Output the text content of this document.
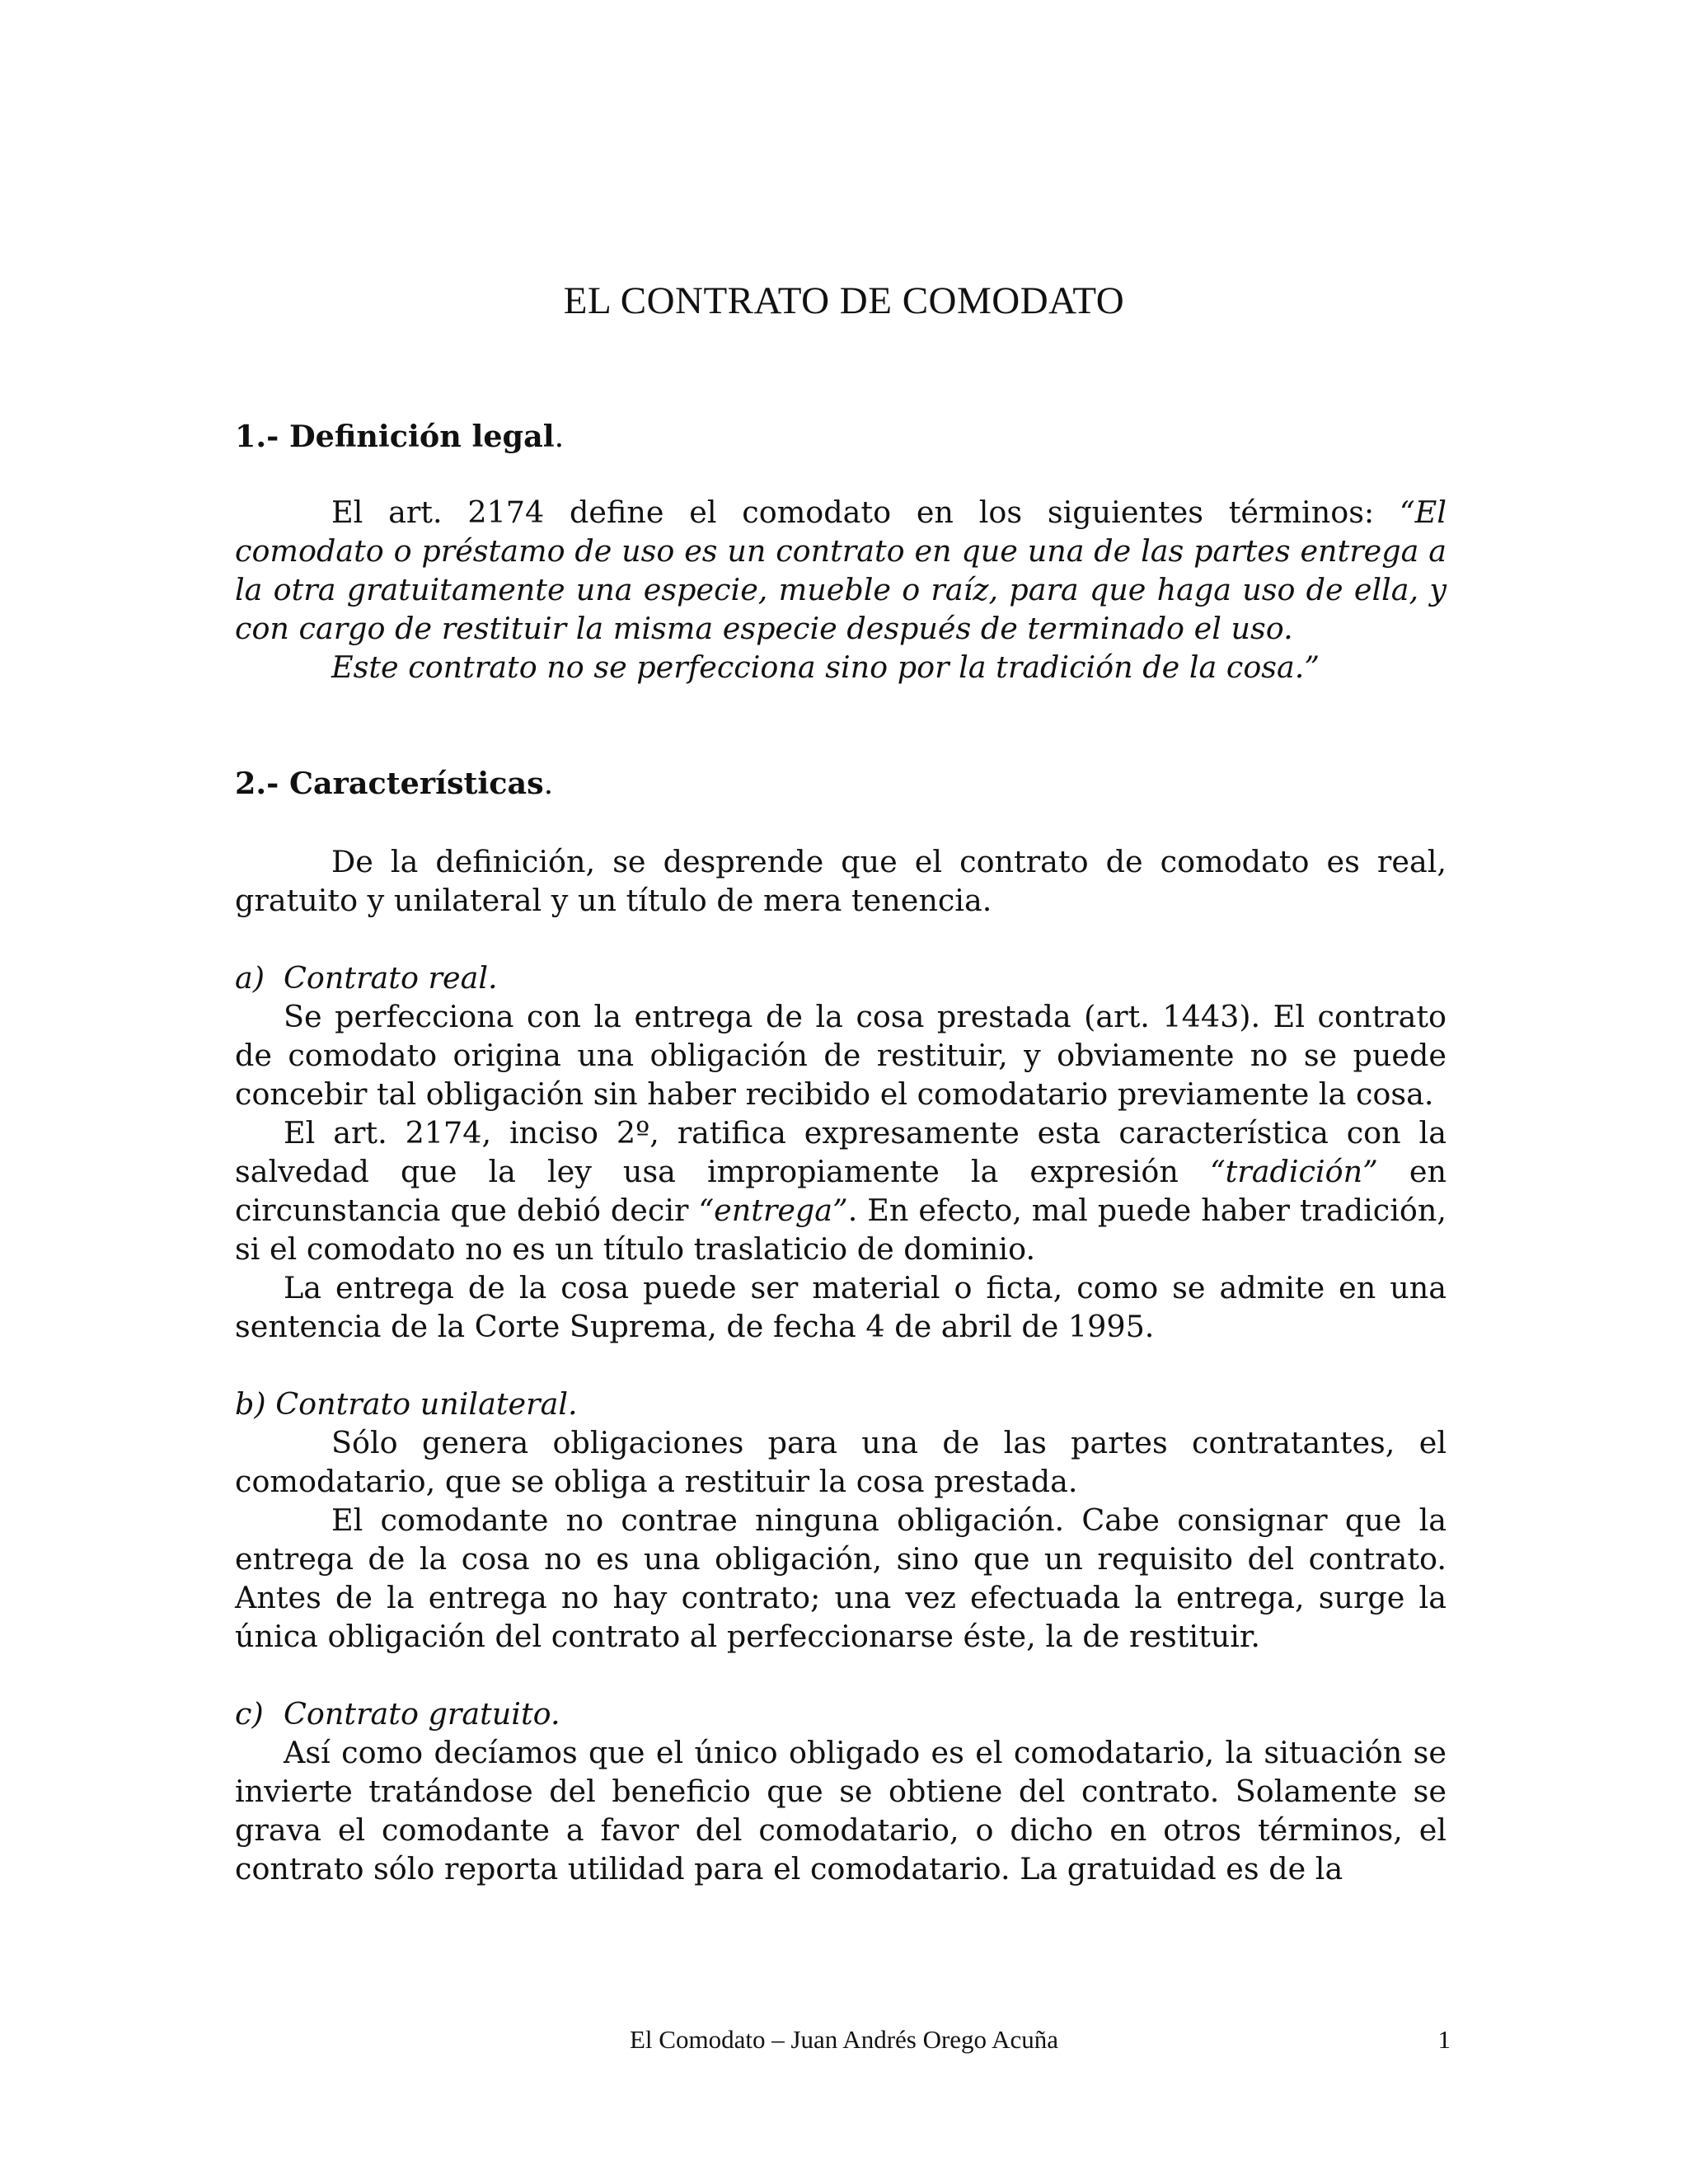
EL CONTRATO DE COMODATO
1.- Definición legal.

El art. 2174 define el comodato en los siguientes términos: “El comodato o préstamo de uso es un contrato en que una de las partes entrega a la otra gratuitamente una especie, mueble o raíz, para que haga uso de ella, y con cargo de restituir la misma especie después de terminado el uso.

Este contrato no se perfecciona sino por la tradición de la cosa.”

2.- Características.

De la definición, se desprende que el contrato de comodato es real, gratuito y unilateral y un título de mera tenencia.

a) Contrato real.

Se perfecciona con la entrega de la cosa prestada (art. 1443). El contrato de comodato origina una obligación de restituir, y obviamente no se puede concebir tal obligación sin haber recibido el comodatario previamente la cosa.

El art. 2174, inciso 2º, ratifica expresamente esta característica con la salvedad que la ley usa impropiamente la expresión “tradición” en circunstancia que debió decir “entrega”. En efecto, mal puede haber tradición, si el comodato no es un título traslaticio de dominio.

La entrega de la cosa puede ser material o ficta, como se admite en una sentencia de la Corte Suprema, de fecha 4 de abril de 1995.

b) Contrato unilateral.

Sólo genera obligaciones para una de las partes contratantes, el comodatario, que se obliga a restituir la cosa prestada.

El comodante no contrae ninguna obligación. Cabe consignar que la entrega de la cosa no es una obligación, sino que un requisito del contrato. Antes de la entrega no hay contrato; una vez efectuada la entrega, surge la única obligación del contrato al perfeccionarse éste, la de restituir.

c) Contrato gratuito.

Así como decíamos que el único obligado es el comodatario, la situación se invierte tratándose del beneficio que se obtiene del contrato. Solamente se grava el comodante a favor del comodatario, o dicho en otros términos, el contrato sólo reporta utilidad para el comodatario. La gratuidad es de la

El Comodato – Juan Andrés Orego Acuña	1
